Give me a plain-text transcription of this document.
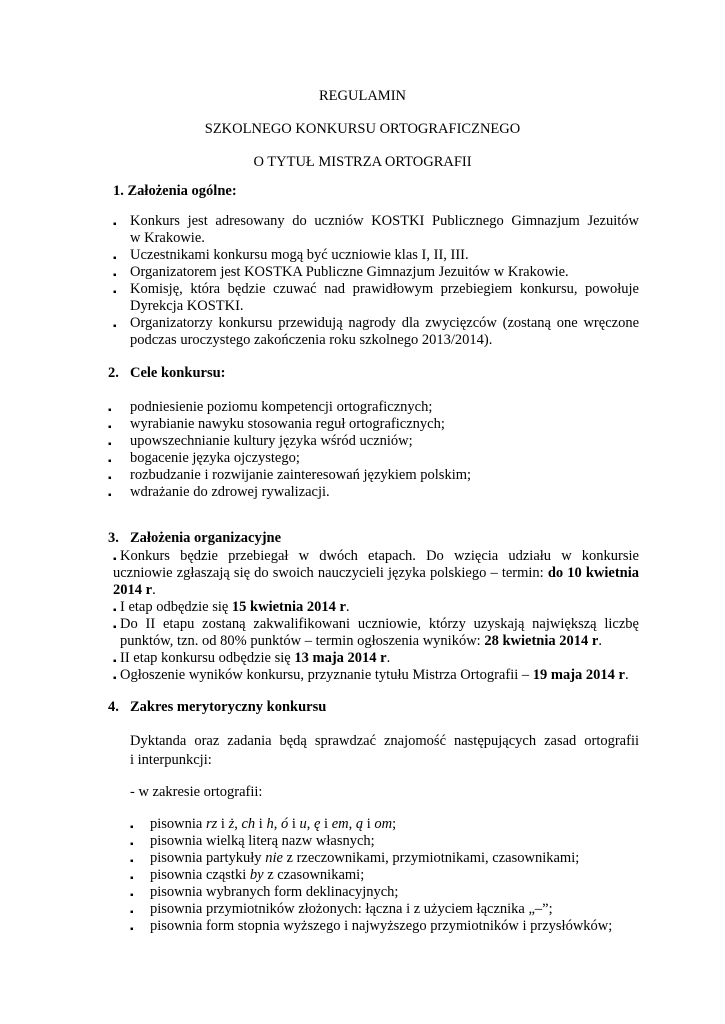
REGULAMIN
SZKOLNEGO KONKURSU ORTOGRAFICZNEGO
O TYTUŁ MISTRZA ORTOGRAFII
1. Założenia ogólne:
▪ Konkurs jest adresowany do uczniów KOSTKI Publicznego Gimnazjum Jezuitów
w Krakowie.
▪ Uczestnikami konkursu mogą być uczniowie klas I, II, III.
▪ Organizatorem jest KOSTKA Publiczne Gimnazjum Jezuitów w Krakowie.
▪ Komisję, która będzie czuwać nad prawidłowym przebiegiem konkursu, powołuje
Dyrekcja KOSTKI.
▪ Organizatorzy konkursu przewidują nagrody dla zwycięzców (zostaną one wręczone
podczas uroczystego zakończenia roku szkolnego 2013/2014).
2. Cele konkursu:
▪ podniesienie poziomu kompetencji ortograficznych;
▪ wyrabianie nawyku stosowania reguł ortograficznych;
▪ upowszechnianie kultury języka wśród uczniów;
▪ bogacenie języka ojczystego;
▪ rozbudzanie i rozwijanie zainteresowań językiem polskim;
▪ wdrażanie do zdrowej rywalizacji.
3. Założenia organizacyjne
▪ Konkurs będzie przebiegał w dwóch etapach. Do wzięcia udziału w konkursie
uczniowie zgłaszają się do swoich nauczycieli języka polskiego – termin: do 10 kwietnia
2014 r.
▪ I etap odbędzie się 15 kwietnia 2014 r.
▪ Do II etapu zostaną zakwalifikowani uczniowie, którzy uzyskają największą liczbę
punktów, tzn. od 80% punktów – termin ogłoszenia wyników: 28 kwietnia 2014 r.
▪ II etap konkursu odbędzie się 13 maja 2014 r.
▪ Ogłoszenie wyników konkursu, przyznanie tytułu Mistrza Ortografii – 19 maja 2014 r.
4. Zakres merytoryczny konkursu
Dyktanda oraz zadania będą sprawdzać znajomość następujących zasad ortografii
i interpunkcji:
- w zakresie ortografii:
▪ pisownia rz i ż, ch i h, ó i u, ę i em, ą i om;
▪ pisownia wielką literą nazw własnych;
▪ pisownia partykuły nie z rzeczownikami, przymiotnikami, czasownikami;
▪ pisownia cząstki by z czasownikami;
▪ pisownia wybranych form deklinacyjnych;
▪ pisownia przymiotników złożonych: łączna i z użyciem łącznika „–”;
▪ pisownia form stopnia wyższego i najwyższego przymiotników i przysłówków;
